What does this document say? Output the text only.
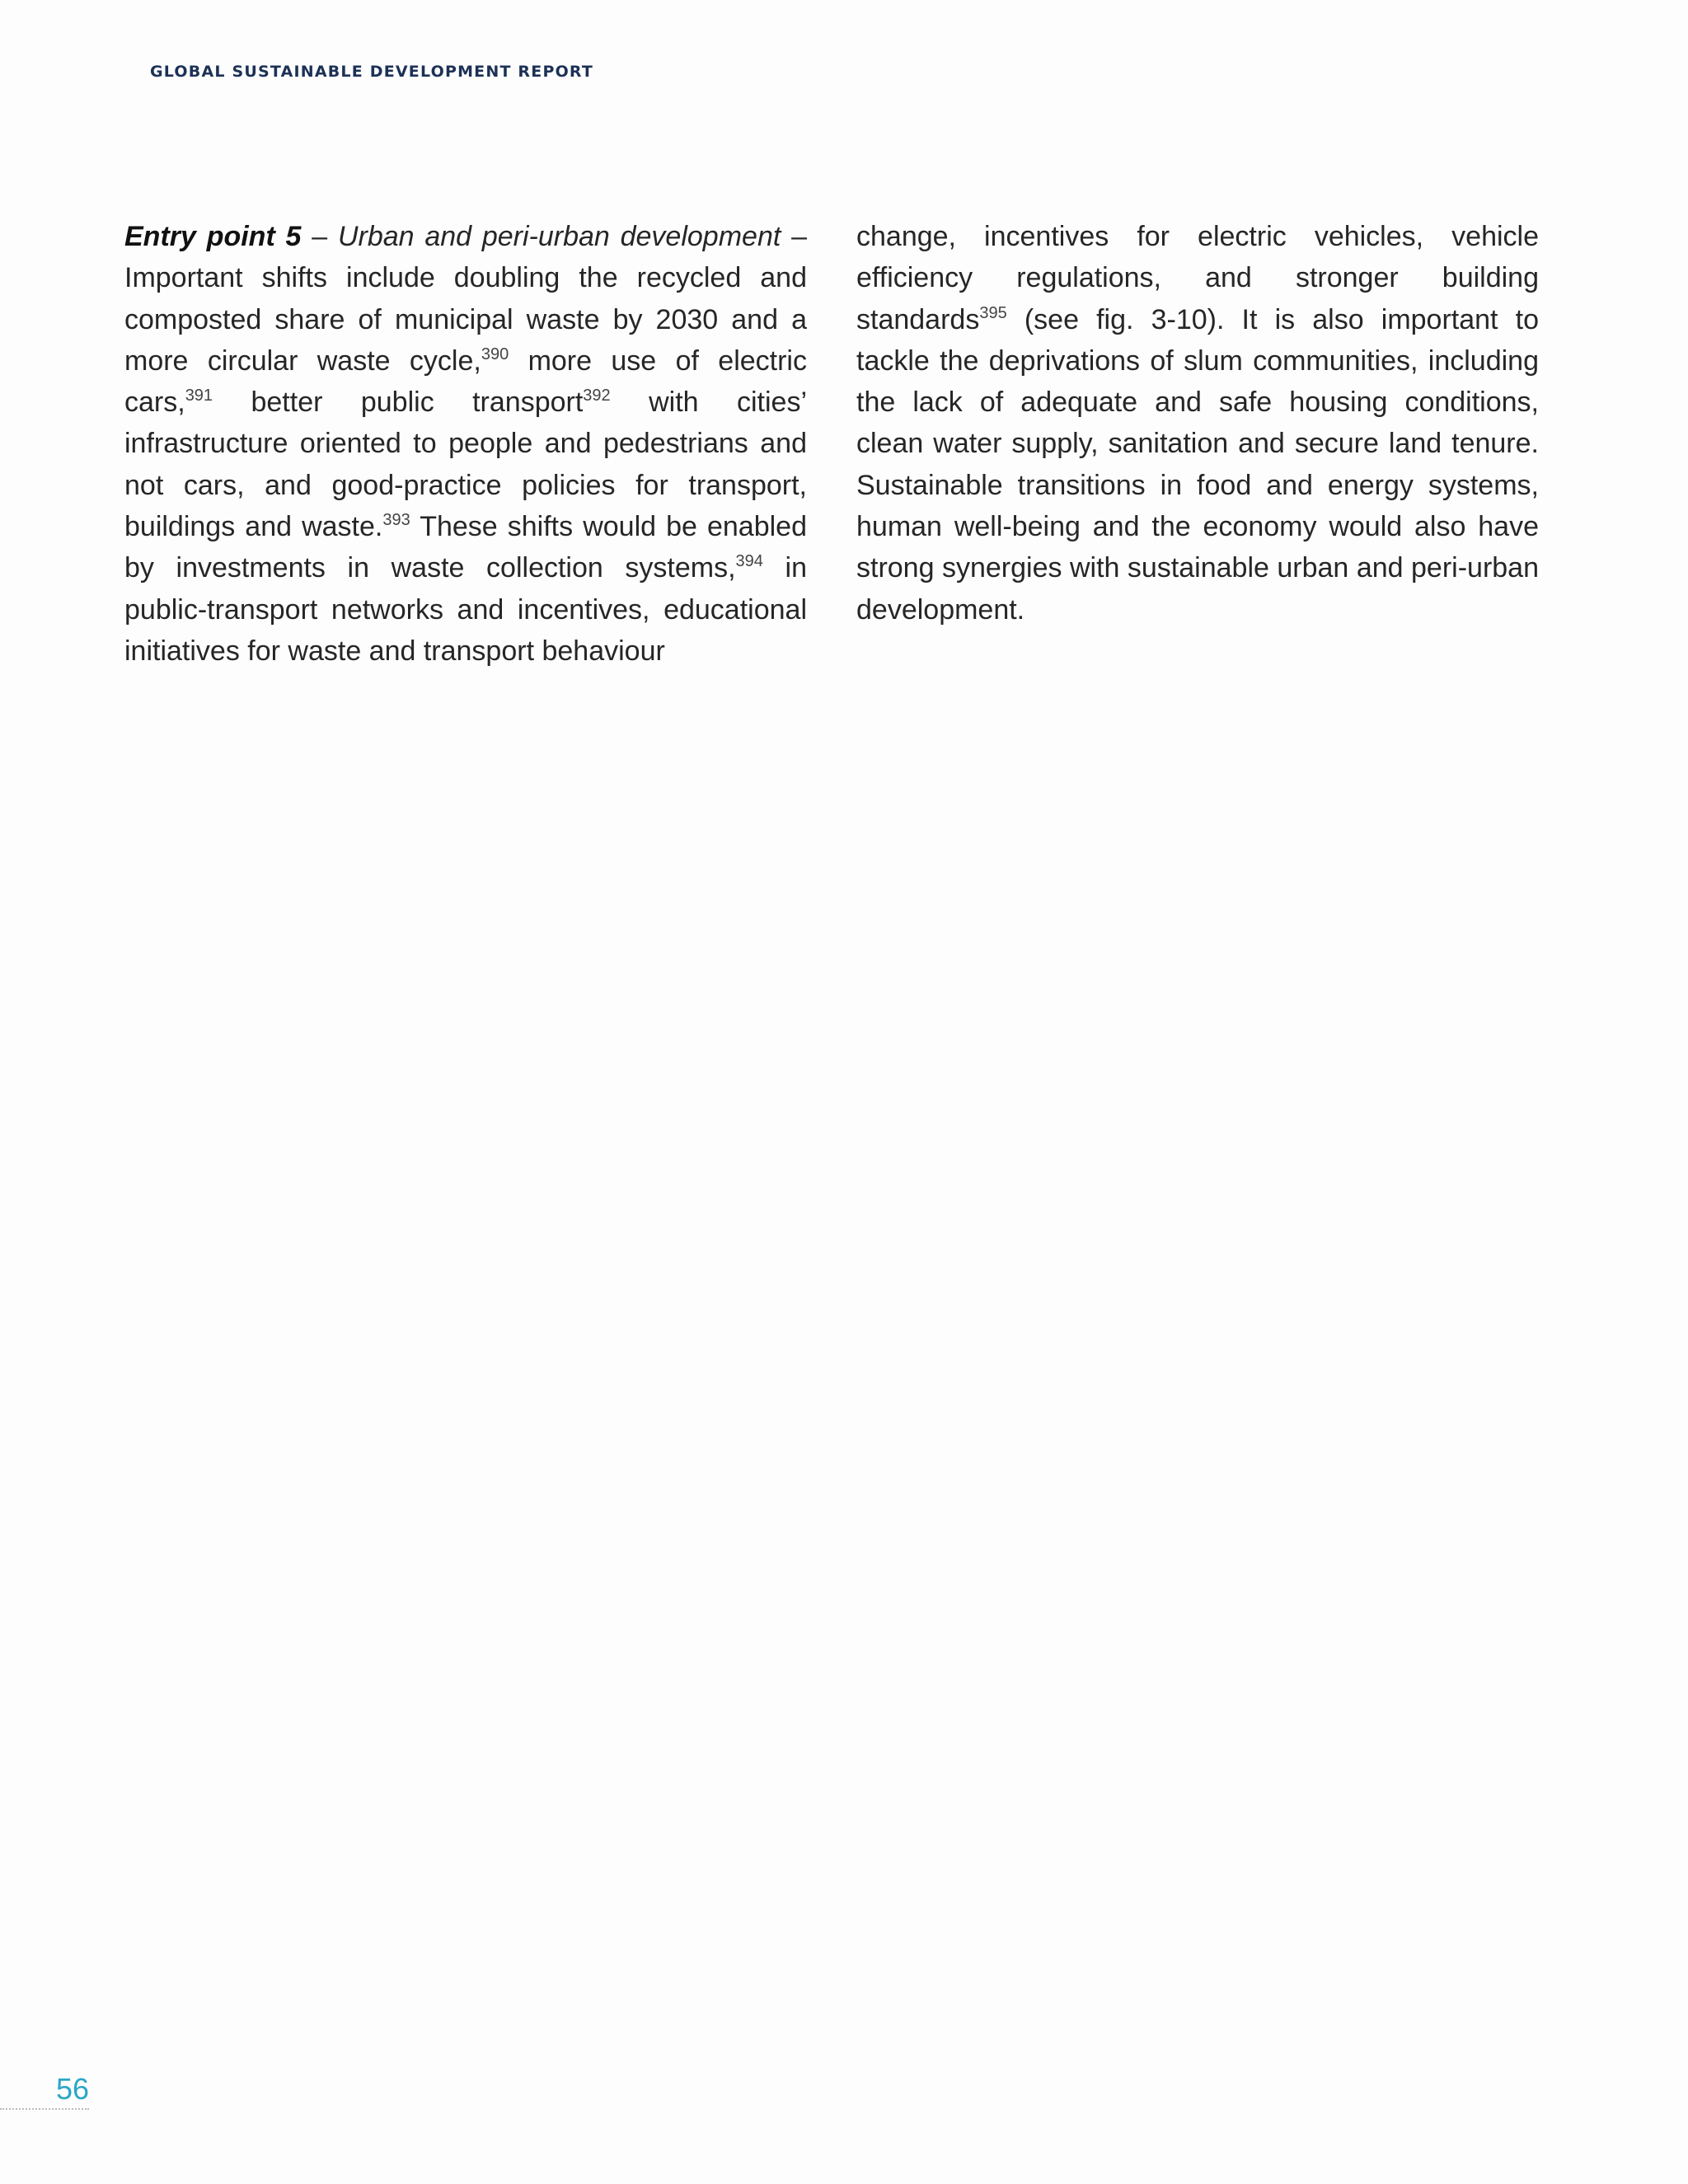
GLOBAL SUSTAINABLE DEVELOPMENT REPORT
Entry point 5 – Urban and peri-urban development – Important shifts include doubling the recycled and composted share of municipal waste by 2030 and a more circular waste cycle,$^{390}$ more use of electric cars,$^{391}$ better public transport$^{392}$ with cities’ infrastructure oriented to people and pedestrians and not cars, and good-practice policies for transport, buildings and waste.$^{393}$ These shifts would be enabled by investments in waste collection systems,$^{394}$ in public-transport networks and incentives, educational initiatives for waste and transport behaviour
change, incentives for electric vehicles, vehicle efficiency regulations, and stronger building standards$^{395}$ (see fig. 3-10). It is also important to tackle the deprivations of slum communities, including the lack of adequate and safe housing conditions, clean water supply, sanitation and secure land tenure. Sustainable transitions in food and energy systems, human well-being and the economy would also have strong synergies with sustainable urban and peri-urban development.
56
